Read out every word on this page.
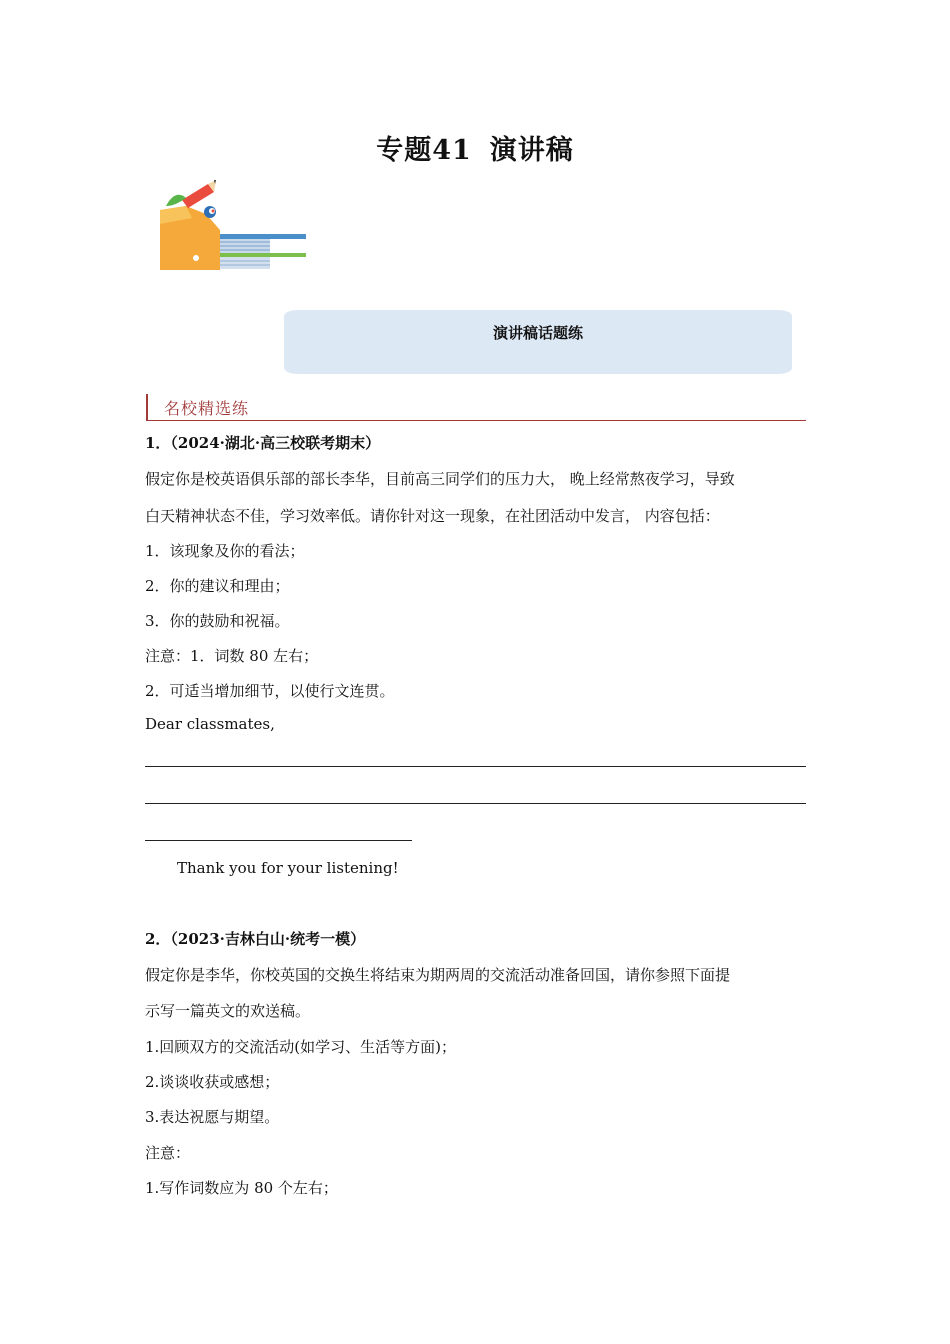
专题41 演讲稿
演讲稿话题练
名校精选练
1．（2024·湖北·高三校联考期末）
假定你是校英语俱乐部的部长李华，目前高三同学们的压力大， 晚上经常熬夜学习，导致
白天精神状态不佳，学习效率低。请你针对这一现象，在社团活动中发言， 内容包括：
1．该现象及你的看法；
2．你的建议和理由；
3．你的鼓励和祝福。
注意：1．词数 80 左右；
2．可适当增加细节，以使行文连贯。
Dear classmates,
Thank you for your listening!
2．（2023·吉林白山·统考一模）
假定你是李华，你校英国的交换生将结束为期两周的交流活动准备回国，请你参照下面提
示写一篇英文的欢送稿。
1.回顾双方的交流活动(如学习、生活等方面)；
2.谈谈收获或感想；
3.表达祝愿与期望。
注意：
1.写作词数应为 80 个左右；
